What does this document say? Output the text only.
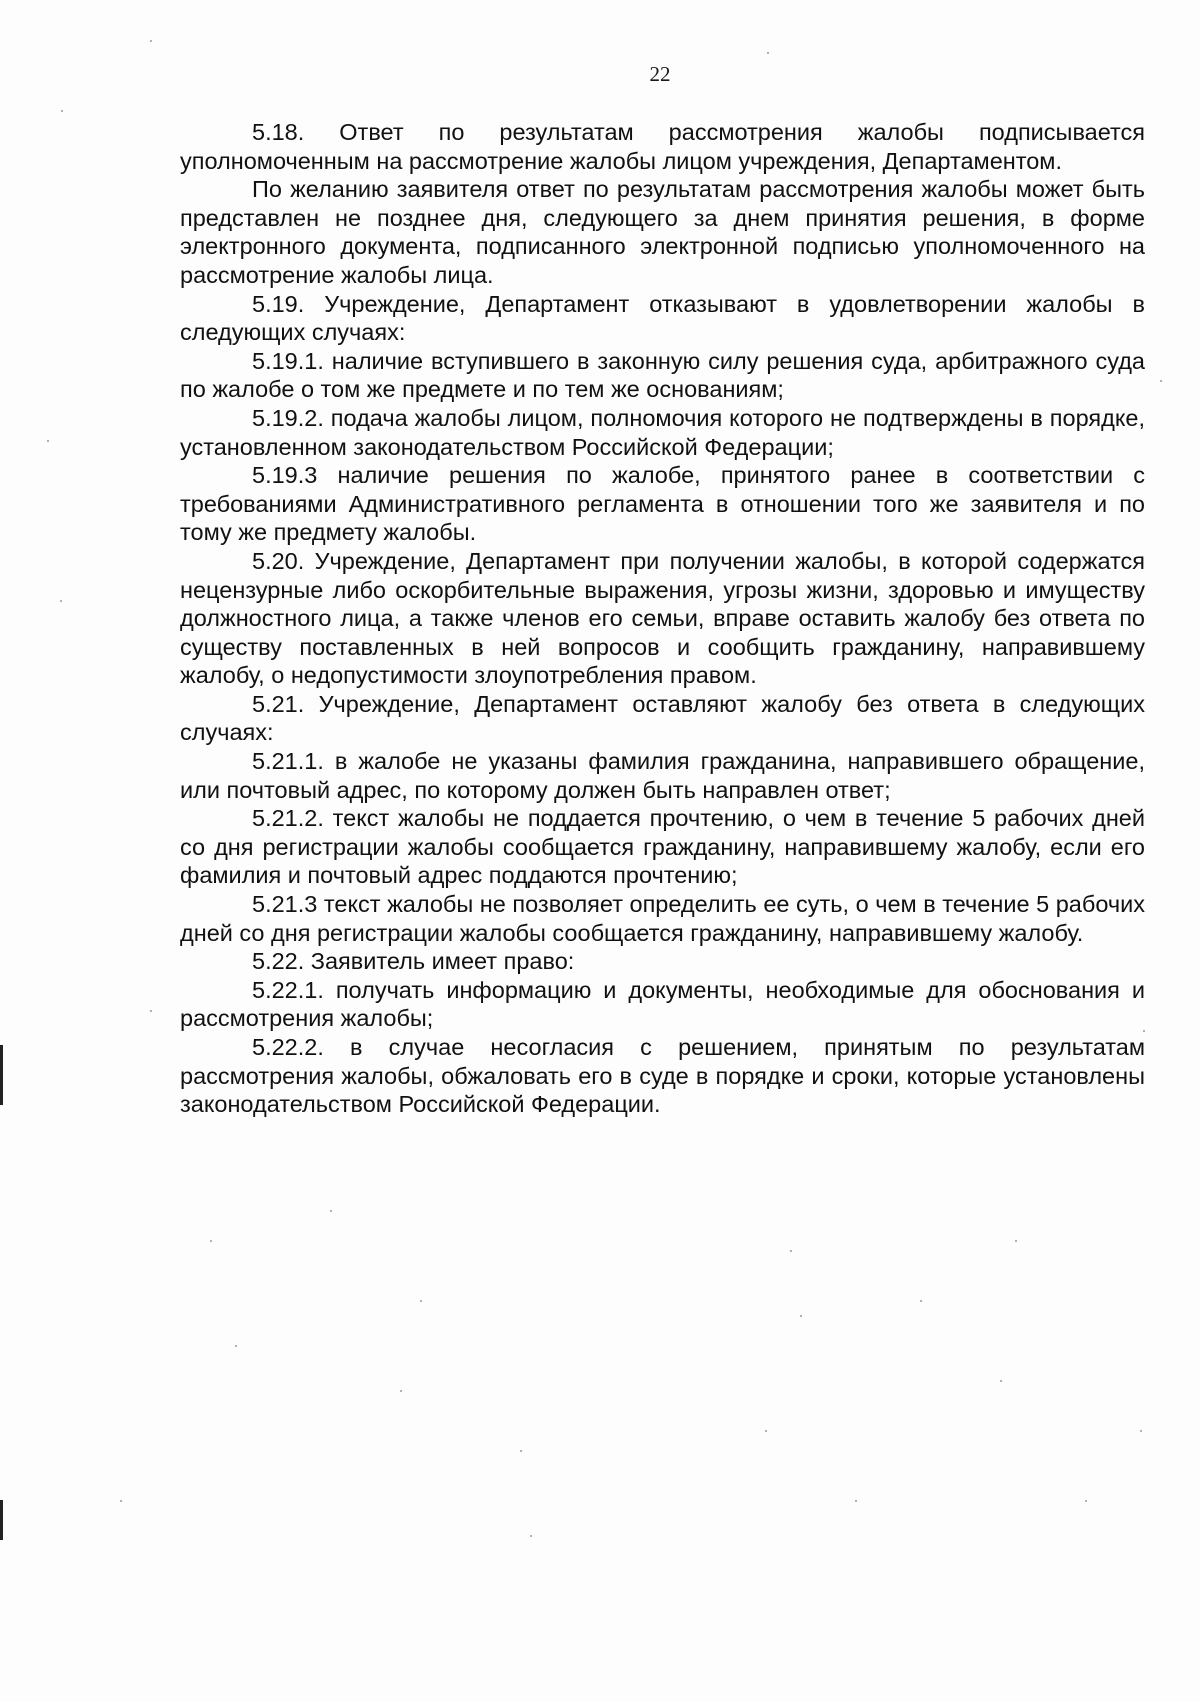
22

5.18. Ответ по результатам рассмотрения жалобы подписывается уполномоченным на рассмотрение жалобы лицом учреждения, Департаментом.

По желанию заявителя ответ по результатам рассмотрения жалобы может быть представлен не позднее дня, следующего за днем принятия решения, в форме электронного документа, подписанного электронной подписью уполномоченного на рассмотрение жалобы лица.

5.19. Учреждение, Департамент отказывают в удовлетворении жалобы в следующих случаях:

5.19.1. наличие вступившего в законную силу решения суда, арбитражного суда по жалобе о том же предмете и по тем же основаниям;

5.19.2. подача жалобы лицом, полномочия которого не подтверждены в порядке, установленном законодательством Российской Федерации;

5.19.3 наличие решения по жалобе, принятого ранее в соответствии с требованиями Административного регламента в отношении того же заявителя и по тому же предмету жалобы.

5.20. Учреждение, Департамент при получении жалобы, в которой содержатся нецензурные либо оскорбительные выражения, угрозы жизни, здоровью и имуществу должностного лица, а также членов его семьи, вправе оставить жалобу без ответа по существу поставленных в ней вопросов и сообщить гражданину, направившему жалобу, о недопустимости злоупотребления правом.

5.21. Учреждение, Департамент оставляют жалобу без ответа в следующих случаях:

5.21.1. в жалобе не указаны фамилия гражданина, направившего обращение, или почтовый адрес, по которому должен быть направлен ответ;

5.21.2. текст жалобы не поддается прочтению, о чем в течение 5 рабочих дней со дня регистрации жалобы сообщается гражданину, направившему жалобу, если его фамилия и почтовый адрес поддаются прочтению;

5.21.3 текст жалобы не позволяет определить ее суть, о чем в течение 5 рабочих дней со дня регистрации жалобы сообщается гражданину, направившему жалобу.

5.22. Заявитель имеет право:

5.22.1. получать информацию и документы, необходимые для обоснования и рассмотрения жалобы;

5.22.2. в случае несогласия с решением, принятым по результатам рассмотрения жалобы, обжаловать его в суде в порядке и сроки, которые установлены законодательством Российской Федерации.
